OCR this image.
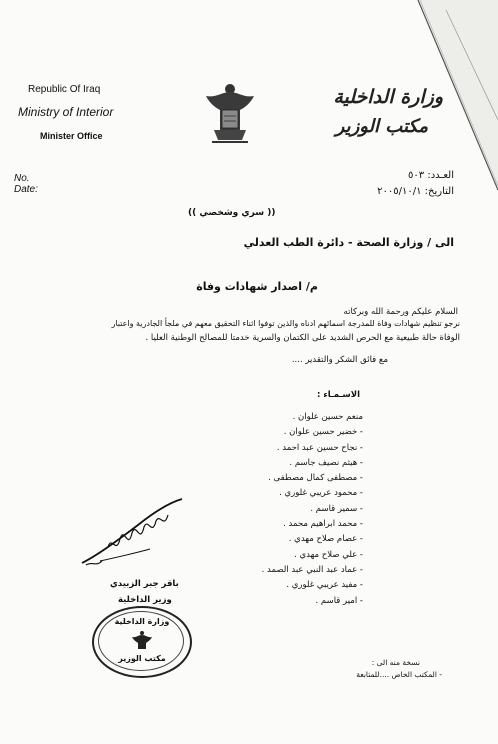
Republic Of Iraq
Ministry of Interior
Minister Office
وزارة الداخلية
مكتب الوزير
No.
Date:
العـدد: ٥٠٣
التاريخ: ٢٠٠٥/١٠/١
(( سري وشخصي ))
الى / وزارة الصحة - دائرة الطب العدلي
م/ اصدار شهادات وفاة
السلام عليكم ورحمة الله وبركاته
نرجو تنظيم شهادات وفاة للمدرجة اسمائهم ادناه والذين توفوا اثناء التحقيق معهم في ملجأ الجادرية واعتبار
الوفاة حالة طبيعية مع الحرص الشديد على الكتمان والسرية خدمتا للمصالح الوطنية العليا .
مع فائق الشكر والتقدير ....
الاسـمـاء :
منعم حسين علوان .
- خضير حسين علوان .
- نجاح حسين عبد احمد .
- هيثم نصيف جاسم .
- مصطفى كمال مصطفى .
- محمود عريبي غلوري .
- سمير قاسم .
- محمد ابراهيم محمد .
- عصام صلاح مهدي .
- علي صلاح مهدي .
- عماد عبد النبي عبد الصمد .
- مفيد عريبي غلوري .
- امير قاسم .
باقر جبر الزبيدي
وزير الداخلية
وزارة الداخلية
مكتب الوزير	نسخة منه الى :
- المكتب الخاص ....للمتابعة
